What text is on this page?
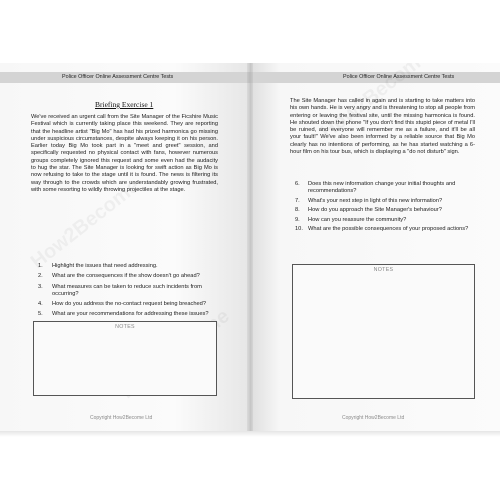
Police Officer Online Assessment Centre Tests
Briefing Exercise 1
We've received an urgent call from the Site Manager of the Ficshire Music Festival which is currently taking place this weekend. They are reporting that the headline artist "Big Mo" has had his prized harmonica go missing under suspicious circumstances, despite always keeping it on his person. Earlier today Big Mo took part in a "meet and greet" session, and specifically requested no physical contact with fans, however numerous groups completely ignored this request and some even had the audacity to hug the star. The Site Manager is looking for swift action as Big Mo is now refusing to take to the stage until it is found. The news is filtering its way through to the crowds which are understandably growing frustrated, with some resorting to wildly throwing projectiles at the stage.
1. Highlight the issues that need addressing.
2. What are the consequences if the show doesn't go ahead?
3. What measures can be taken to reduce such incidents from occurring?
4. How do you address the no-contact request being breached?
5. What are your recommendations for addressing these issues?
NOTES
Copyright How2Become Ltd
Police Officer Online Assessment Centre Tests
The Site Manager has called in again and is starting to take matters into his own hands. He is very angry and is threatening to stop all people from entering or leaving the festival site, until the missing harmonica is found. He shouted down the phone "If you don't find this stupid piece of metal I'll be ruined, and everyone will remember me as a failure, and it'll be all your fault!" We've also been informed by a reliable source that Big Mo clearly has no intentions of performing, as he has started watching a 6-hour film on his tour bus, which is displaying a "do not disturb" sign.
6. Does this new information change your initial thoughts and recommendations?
7. What's your next step in light of this new information?
8. How do you approach the Site Manager's behaviour?
9. How can you reassure the community?
10. What are the possible consequences of your proposed actions?
NOTES
Copyright How2Become Ltd
